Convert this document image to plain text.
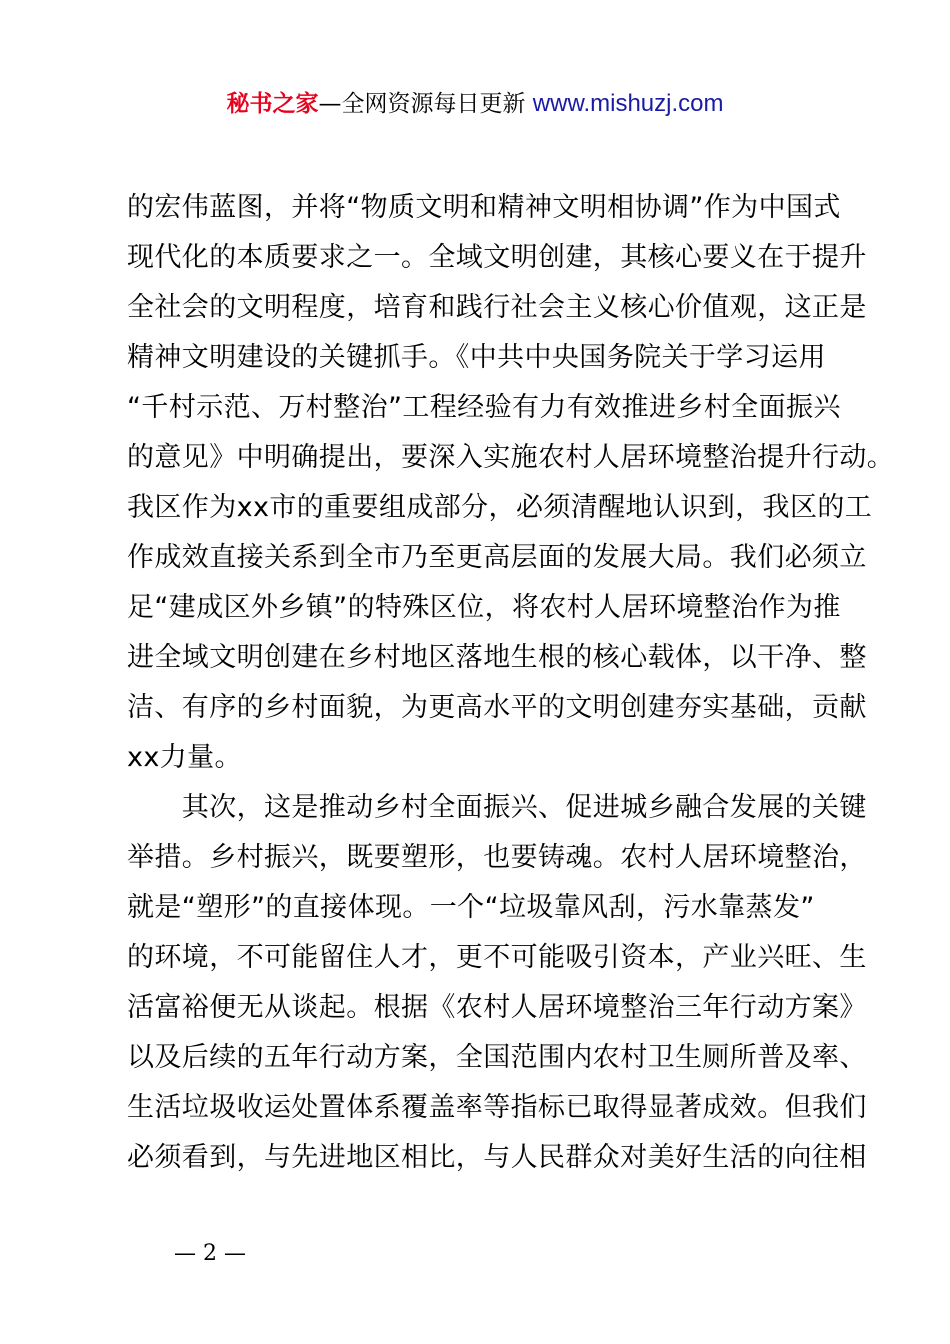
秘书之家—全网资源每日更新 www.mishuzj.com
的宏伟蓝图，并将“物质文明和精神文明相协调”作为中国式
现代化的本质要求之一。全域文明创建，其核心要义在于提升
全社会的文明程度，培育和践行社会主义核心价值观，这正是
精神文明建设的关键抓手。《中共中央国务院关于学习运用
“千村示范、万村整治”工程经验有力有效推进乡村全面振兴
的意见》中明确提出，要深入实施农村人居环境整治提升行动。
我区作为xx市的重要组成部分，必须清醒地认识到，我区的工
作成效直接关系到全市乃至更高层面的发展大局。我们必须立
足“建成区外乡镇”的特殊区位，将农村人居环境整治作为推
进全域文明创建在乡村地区落地生根的核心载体，以干净、整
洁、有序的乡村面貌，为更高水平的文明创建夯实基础，贡献
xx力量。
　　其次，这是推动乡村全面振兴、促进城乡融合发展的关键
举措。乡村振兴，既要塑形，也要铸魂。农村人居环境整治，
就是“塑形”的直接体现。一个“垃圾靠风刮，污水靠蒸发”
的环境，不可能留住人才，更不可能吸引资本，产业兴旺、生
活富裕便无从谈起。根据《农村人居环境整治三年行动方案》
以及后续的五年行动方案，全国范围内农村卫生厕所普及率、
生活垃圾收运处置体系覆盖率等指标已取得显著成效。但我们
必须看到，与先进地区相比，与人民群众对美好生活的向往相
— 2 —
